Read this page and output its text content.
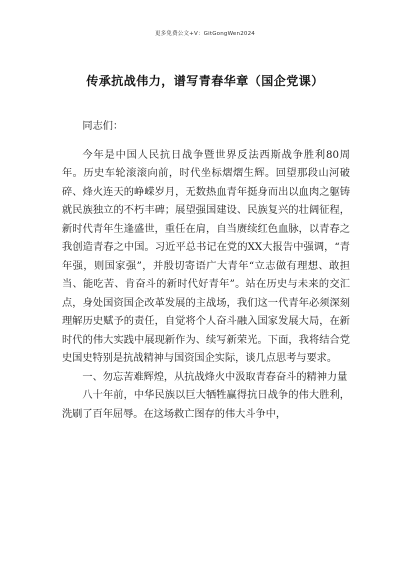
更多免费公文+V：GitGongWen2024
传承抗战伟力，谱写青春华章（国企党课）

同志们：

今年是中国人民抗日战争暨世界反法西斯战争胜利80周年。历史车轮滚滚向前，时代坐标熠熠生辉。回望那段山河破碎、烽火连天的峥嵘岁月，无数热血青年挺身而出以血肉之躯铸就民族独立的不朽丰碑；展望强国建设、民族复兴的壮阔征程，新时代青年生逢盛世，重任在肩，自当赓续红色血脉，以青春之我创造青春之中国。习近平总书记在党的XX大报告中强调，“青年强，则国家强”，并殷切寄语广大青年“立志做有理想、敢担当、能吃苦、肯奋斗的新时代好青年”。站在历史与未来的交汇点，身处国资国企改革发展的主战场，我们这一代青年必须深刻理解历史赋予的责任，自觉将个人奋斗融入国家发展大局，在新时代的伟大实践中展现新作为、续写新荣光。下面，我将结合党史国史特别是抗战精神与国资国企实际，谈几点思考与要求。

一、勿忘苦难辉煌，从抗战烽火中汲取青春奋斗的精神力量

八十年前，中华民族以巨大牺牲赢得抗日战争的伟大胜利，洗刷了百年屈辱。在这场救亡图存的伟大斗争中，
